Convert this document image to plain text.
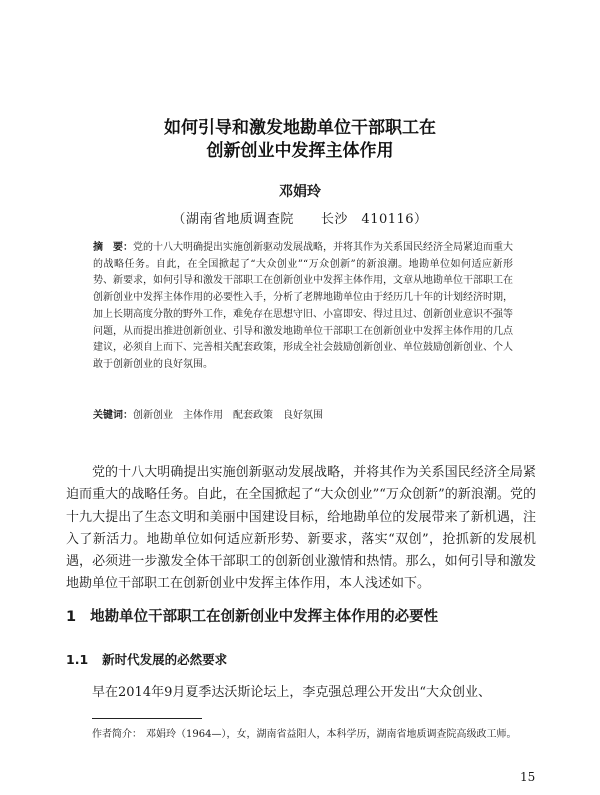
如何引导和激发地勘单位干部职工在
创新创业中发挥主体作用
邓娟玲
（湖南省地质调查院　　长沙　410116）
摘　要：党的十八大明确提出实施创新驱动发展战略，并将其作为关系国民经济全局紧迫而重大的战略任务。自此，在全国掀起了“大众创业”“万众创新”的新浪潮。地勘单位如何适应新形势、新要求，如何引导和激发干部职工在创新创业中发挥主体作用，文章从地勘单位干部职工在创新创业中发挥主体作用的必要性入手，分析了老牌地勘单位由于经历几十年的计划经济时期，加上长期高度分散的野外工作，难免存在思想守旧、小富即安、得过且过、创新创业意识不强等问题，从而提出推进创新创业、引导和激发地勘单位干部职工在创新创业中发挥主体作用的几点建议，必须自上而下、完善相关配套政策，形成全社会鼓励创新创业、单位鼓励创新创业、个人敢于创新创业的良好氛围。
关键词：创新创业 主体作用 配套政策 良好氛围

党的十八大明确提出实施创新驱动发展战略，并将其作为关系国民经济全局紧迫而重大的战略任务。自此，在全国掀起了“大众创业”“万众创新”的新浪潮。党的十九大提出了生态文明和美丽中国建设目标，给地勘单位的发展带来了新机遇，注入了新活力。地勘单位如何适应新形势、新要求，落实“双创”，抢抓新的发展机遇，必须进一步激发全体干部职工的创新创业激情和热情。那么，如何引导和激发地勘单位干部职工在创新创业中发挥主体作用，本人浅述如下。

1 地勘单位干部职工在创新创业中发挥主体作用的必要性
1.1 新时代发展的必然要求

早在2014年9月夏季达沃斯论坛上，李克强总理公开发出“大众创业、

作者简介： 邓娟玲（1964—），女，湖南省益阳人，本科学历，湖南省地质调查院高级政工师。
15
